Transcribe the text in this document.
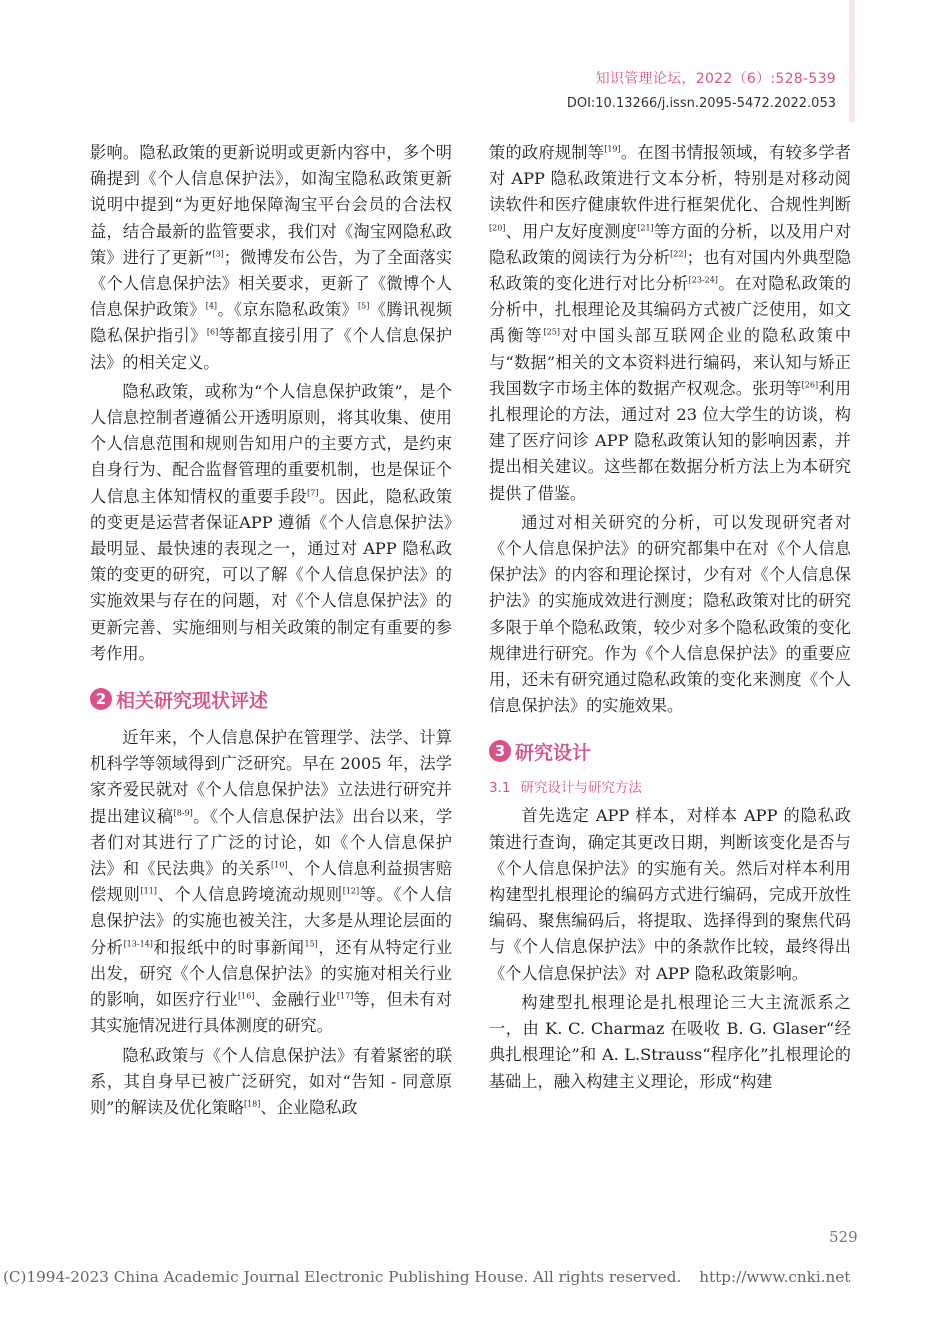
知识管理论坛，2022（6）:528-539
DOI:10.13266/j.issn.2095-5472.2022.053

影响。隐私政策的更新说明或更新内容中，多个明确提到《个人信息保护法》，如淘宝隐私政策更新说明中提到“为更好地保障淘宝平台会员的合法权益，结合最新的监管要求，我们对《淘宝网隐私政策》进行了更新”[3]；微博发布公告，为了全面落实《个人信息保护法》相关要求，更新了《微博个人信息保护政策》[4]。《京东隐私政策》[5]《腾讯视频隐私保护指引》[6]等都直接引用了《个人信息保护法》的相关定义。

隐私政策，或称为“个人信息保护政策”，是个人信息控制者遵循公开透明原则，将其收集、使用个人信息范围和规则告知用户的主要方式，是约束自身行为、配合监督管理的重要机制，也是保证个人信息主体知情权的重要手段[7]。因此，隐私政策的变更是运营者保证APP 遵循《个人信息保护法》最明显、最快速的表现之一，通过对 APP 隐私政策的变更的研究，可以了解《个人信息保护法》的实施效果与存在的问题，对《个人信息保护法》的更新完善、实施细则与相关政策的制定有重要的参考作用。

2 相关研究现状评述

近年来，个人信息保护在管理学、法学、计算机科学等领域得到广泛研究。早在 2005 年，法学家齐爱民就对《个人信息保护法》立法进行研究并提出建议稿[8-9]。《个人信息保护法》出台以来，学者们对其进行了广泛的讨论，如《个人信息保护法》和《民法典》的关系[10]、个人信息利益损害赔偿规则[11]、个人信息跨境流动规则[12]等。《个人信息保护法》的实施也被关注，大多是从理论层面的分析[13-14]和报纸中的时事新闻$^{15]}$，还有从特定行业出发，研究《个人信息保护法》的实施对相关行业的影响，如医疗行业[16]、金融行业[17]等，但未有对其实施情况进行具体测度的研究。

隐私政策与《个人信息保护法》有着紧密的联系，其自身早已被广泛研究，如对“告知 - 同意原则”的解读及优化策略[18]、企业隐私政

策的政府规制等[19]。在图书情报领域，有较多学者对 APP 隐私政策进行文本分析，特别是对移动阅读软件和医疗健康软件进行框架优化、合规性判断[20]、用户友好度测度[21]等方面的分析，以及用户对隐私政策的阅读行为分析[22]；也有对国内外典型隐私政策的变化进行对比分析[23-24]。在对隐私政策的分析中，扎根理论及其编码方式被广泛使用，如文禹衡等[25]对中国头部互联网企业的隐私政策中与“数据”相关的文本资料进行编码，来认知与矫正我国数字市场主体的数据产权观念。张玥等[26]利用扎根理论的方法，通过对 23 位大学生的访谈，构建了医疗问诊 APP 隐私政策认知的影响因素，并提出相关建议。这些都在数据分析方法上为本研究提供了借鉴。

通过对相关研究的分析，可以发现研究者对《个人信息保护法》的研究都集中在对《个人信息保护法》的内容和理论探讨，少有对《个人信息保护法》的实施成效进行测度；隐私政策对比的研究多限于单个隐私政策，较少对多个隐私政策的变化规律进行研究。作为《个人信息保护法》的重要应用，还未有研究通过隐私政策的变化来测度《个人信息保护法》的实施效果。

3 研究设计
3.1 研究设计与研究方法

首先选定 APP 样本，对样本 APP 的隐私政策进行查询，确定其更改日期，判断该变化是否与《个人信息保护法》的实施有关。然后对样本利用构建型扎根理论的编码方式进行编码，完成开放性编码、聚焦编码后，将提取、选择得到的聚焦代码与《个人信息保护法》中的条款作比较，最终得出《个人信息保护法》对 APP 隐私政策影响。

构建型扎根理论是扎根理论三大主流派系之一，由 K. C. Charmaz 在吸收 B. G. Glaser“经典扎根理论”和 A. L.Strauss“程序化”扎根理论的基础上，融入构建主义理论，形成“构建

529
(C)1994-2023 China Academic Journal Electronic Publishing House. All rights reserved. http://www.cnki.net
